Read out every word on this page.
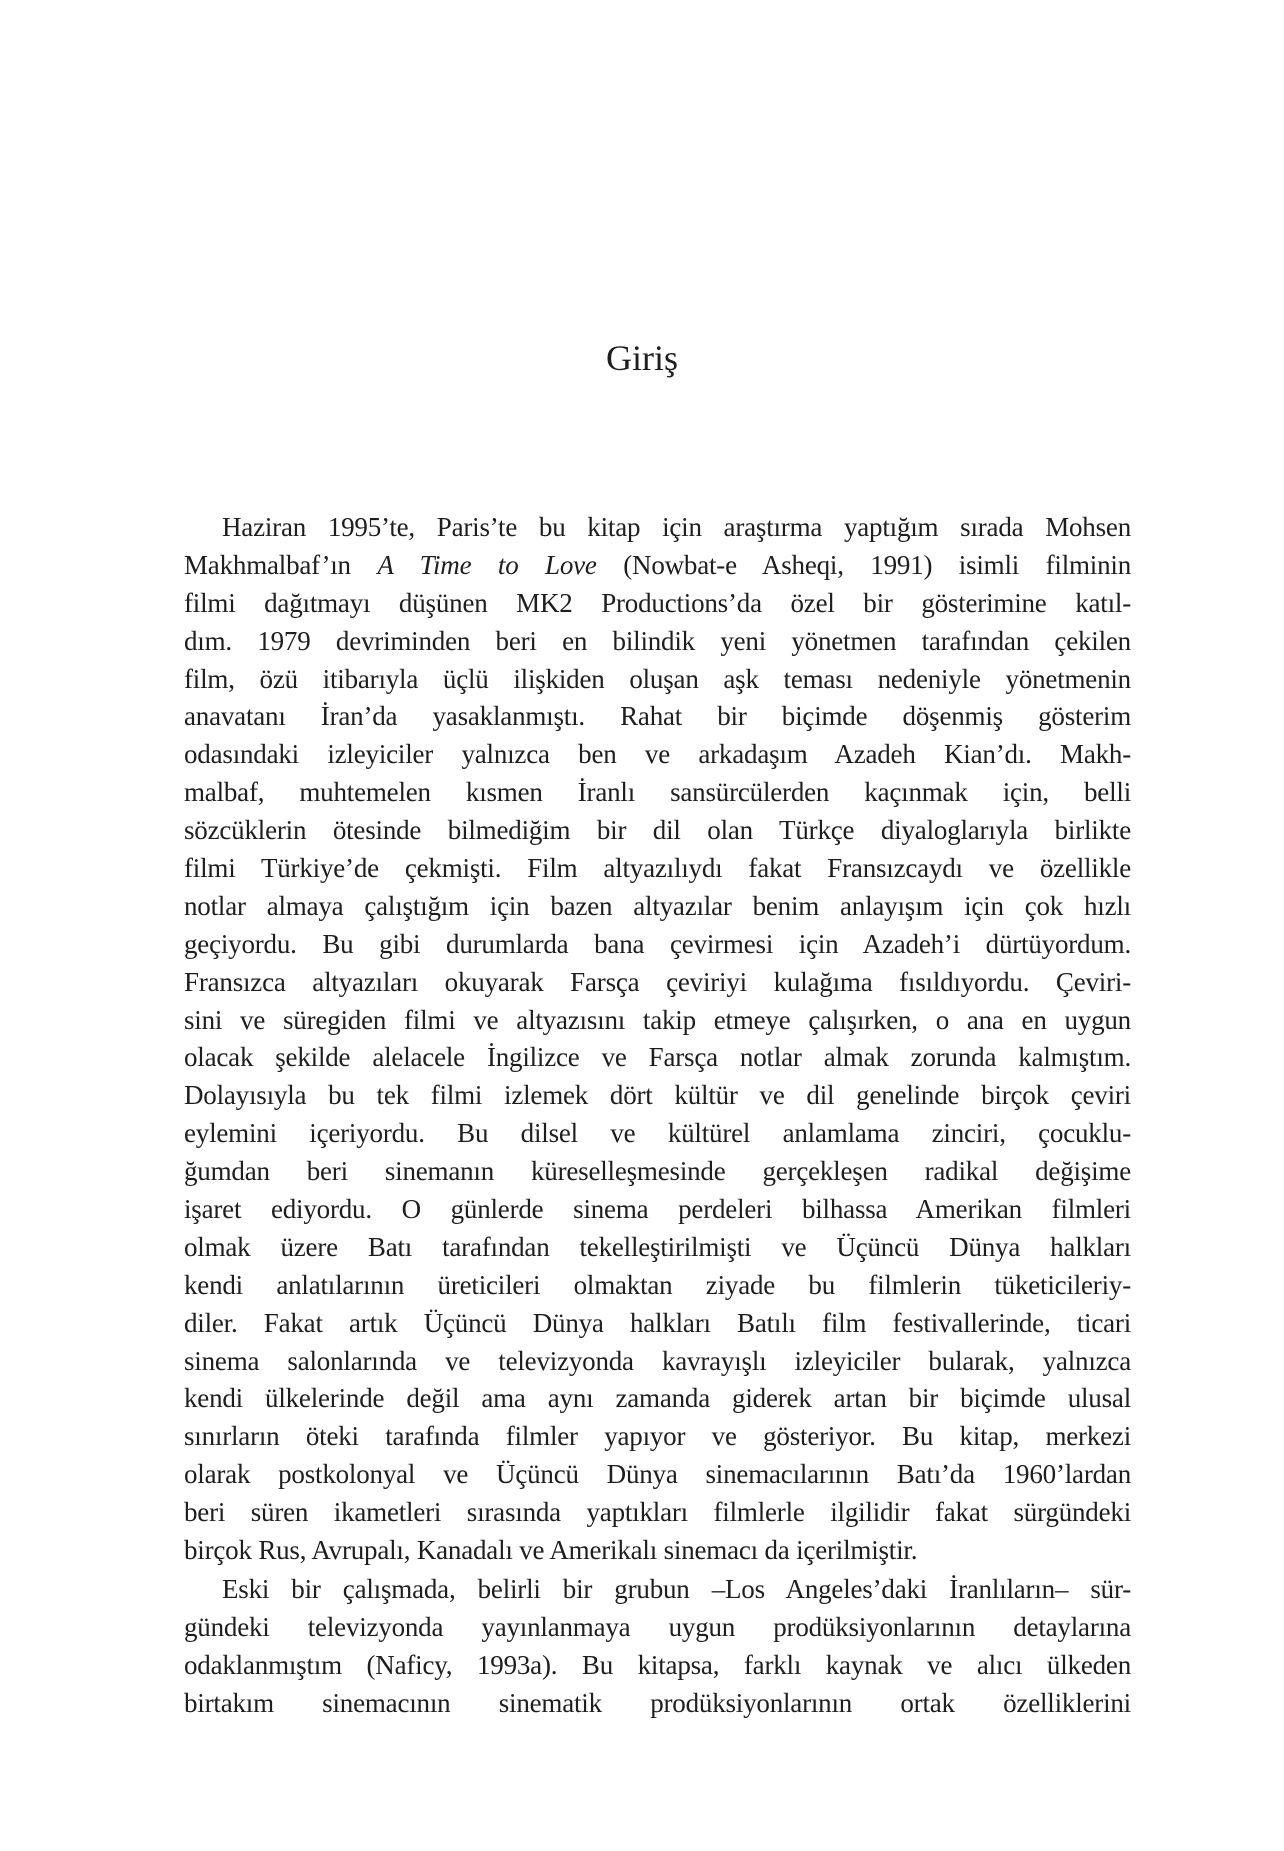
Giriş
Haziran 1995’te, Paris’te bu kitap için araştırma yaptığım sırada Mohsen
Makhmalbaf’ın A Time to Love (Nowbat-e Asheqi, 1991) isimli filminin
filmi dağıtmayı düşünen MK2 Productions’da özel bir gösterimine katıl-
dım. 1979 devriminden beri en bilindik yeni yönetmen tarafından çekilen
film, özü itibarıyla üçlü ilişkiden oluşan aşk teması nedeniyle yönetmenin
anavatanı İran’da yasaklanmıştı. Rahat bir biçimde döşenmiş gösterim
odasındaki izleyiciler yalnızca ben ve arkadaşım Azadeh Kian’dı. Makh-
malbaf, muhtemelen kısmen İranlı sansürcülerden kaçınmak için, belli
sözcüklerin ötesinde bilmediğim bir dil olan Türkçe diyaloglarıyla birlikte
filmi Türkiye’de çekmişti. Film altyazılıydı fakat Fransızcaydı ve özellikle
notlar almaya çalıştığım için bazen altyazılar benim anlayışım için çok hızlı
geçiyordu. Bu gibi durumlarda bana çevirmesi için Azadeh’i dürtüyordum.
Fransızca altyazıları okuyarak Farsça çeviriyi kulağıma fısıldıyordu. Çeviri-
sini ve süregiden filmi ve altyazısını takip etmeye çalışırken, o ana en uygun
olacak şekilde alelacele İngilizce ve Farsça notlar almak zorunda kalmıştım.
Dolayısıyla bu tek filmi izlemek dört kültür ve dil genelinde birçok çeviri
eylemini içeriyordu. Bu dilsel ve kültürel anlamlama zinciri, çocuklu-
ğumdan beri sinemanın küreselleşmesinde gerçekleşen radikal değişime
işaret ediyordu. O günlerde sinema perdeleri bilhassa Amerikan filmleri
olmak üzere Batı tarafından tekelleştirilmişti ve Üçüncü Dünya halkları
kendi anlatılarının üreticileri olmaktan ziyade bu filmlerin tüketicileriy-
diler. Fakat artık Üçüncü Dünya halkları Batılı film festivallerinde, ticari
sinema salonlarında ve televizyonda kavrayışlı izleyiciler bularak, yalnızca
kendi ülkelerinde değil ama aynı zamanda giderek artan bir biçimde ulusal
sınırların öteki tarafında filmler yapıyor ve gösteriyor. Bu kitap, merkezi
olarak postkolonyal ve Üçüncü Dünya sinemacılarının Batı’da 1960’lardan
beri süren ikametleri sırasında yaptıkları filmlerle ilgilidir fakat sürgündeki
birçok Rus, Avrupalı, Kanadalı ve Amerikalı sinemacı da içerilmiştir.
Eski bir çalışmada, belirli bir grubun –Los Angeles’daki İranlıların– sür-
gündeki televizyonda yayınlanmaya uygun prodüksiyonlarının detaylarına
odaklanmıştım (Naficy, 1993a). Bu kitapsa, farklı kaynak ve alıcı ülkeden
birtakım sinemacının sinematik prodüksiyonlarının ortak özelliklerini
